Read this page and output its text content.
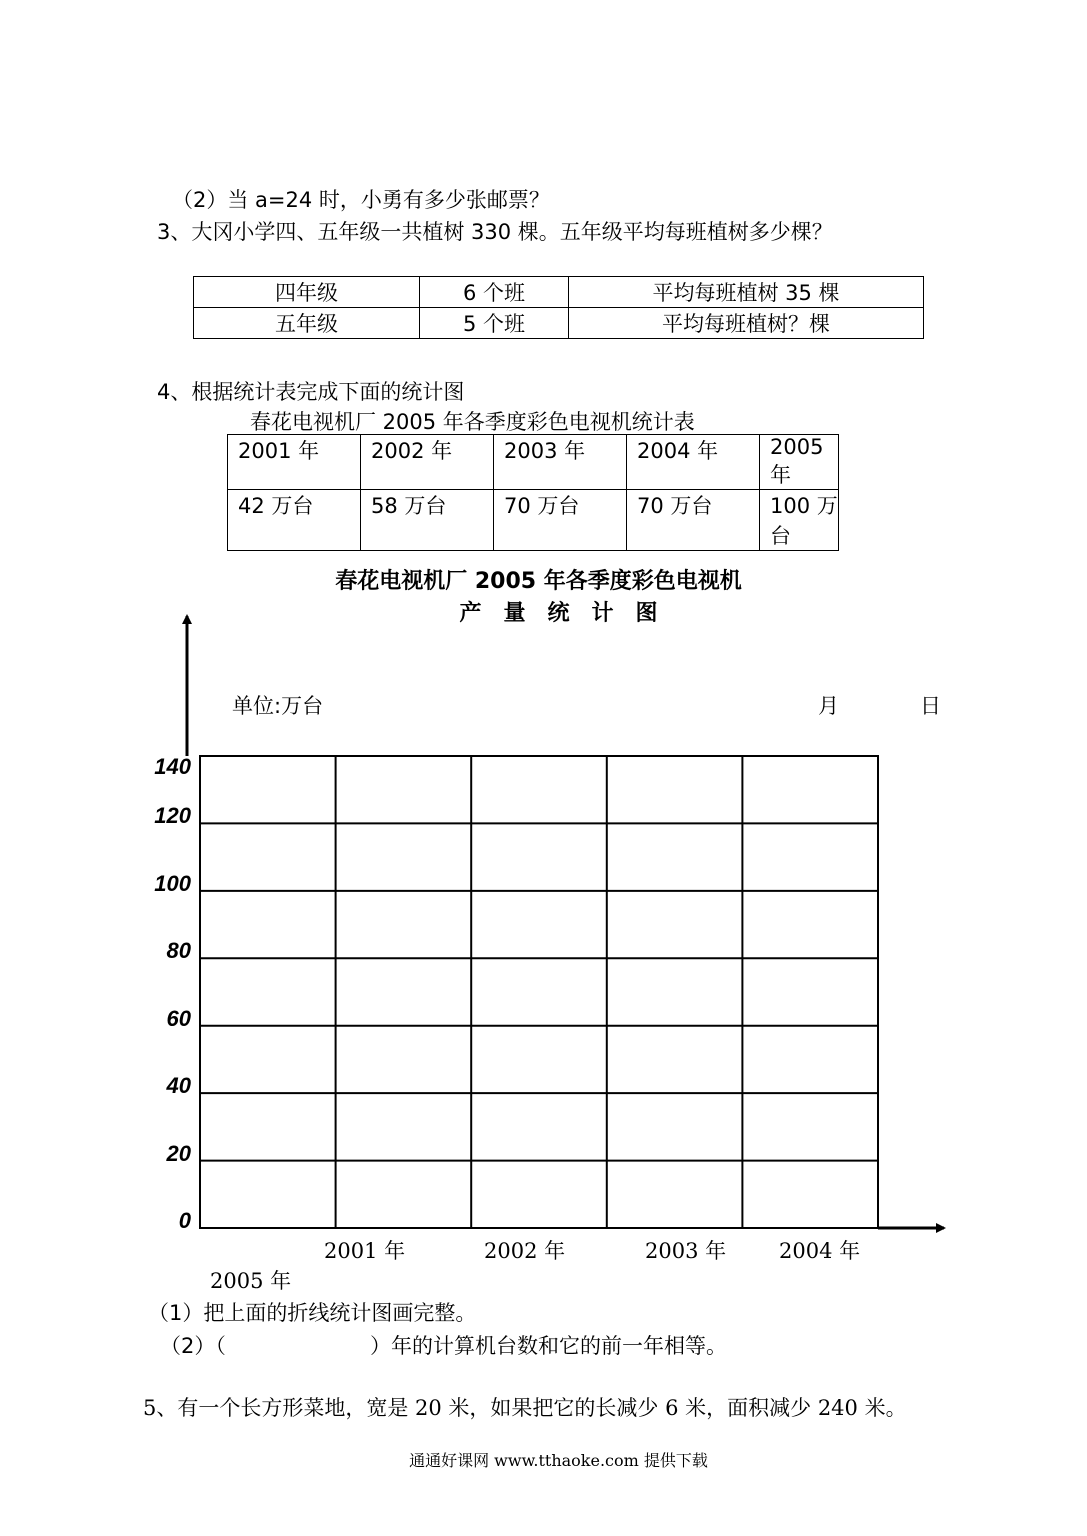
（2）当 a=24 时，小勇有多少张邮票？
3、大冈小学四、五年级一共植树 330 棵。五年级平均每班植树多少棵？
四年级	6 个班	平均每班植树 35 棵
五年级	5 个班	平均每班植树？棵
4、根据统计表完成下面的统计图
春花电视机厂 2005 年各季度彩色电视机统计表
2001 年	2002 年	2003 年	2004 年	2005 年
42 万台	58 万台	70 万台	70 万台	100 万台
春花电视机厂 2005 年各季度彩色电视机
产　量　统　计　图
单位:万台	月	日
0
20
40
60
80
100
120
140
2001 年	2002 年	2003 年	2004 年
2005 年
（1）把上面的折线统计图画完整。
（2）（	）年的计算机台数和它的前一年相等。
5、有一个长方形菜地，宽是 20 米，如果把它的长减少 6 米，面积减少 240 米。
通通好课网 www.tthaoke.com 提供下载
